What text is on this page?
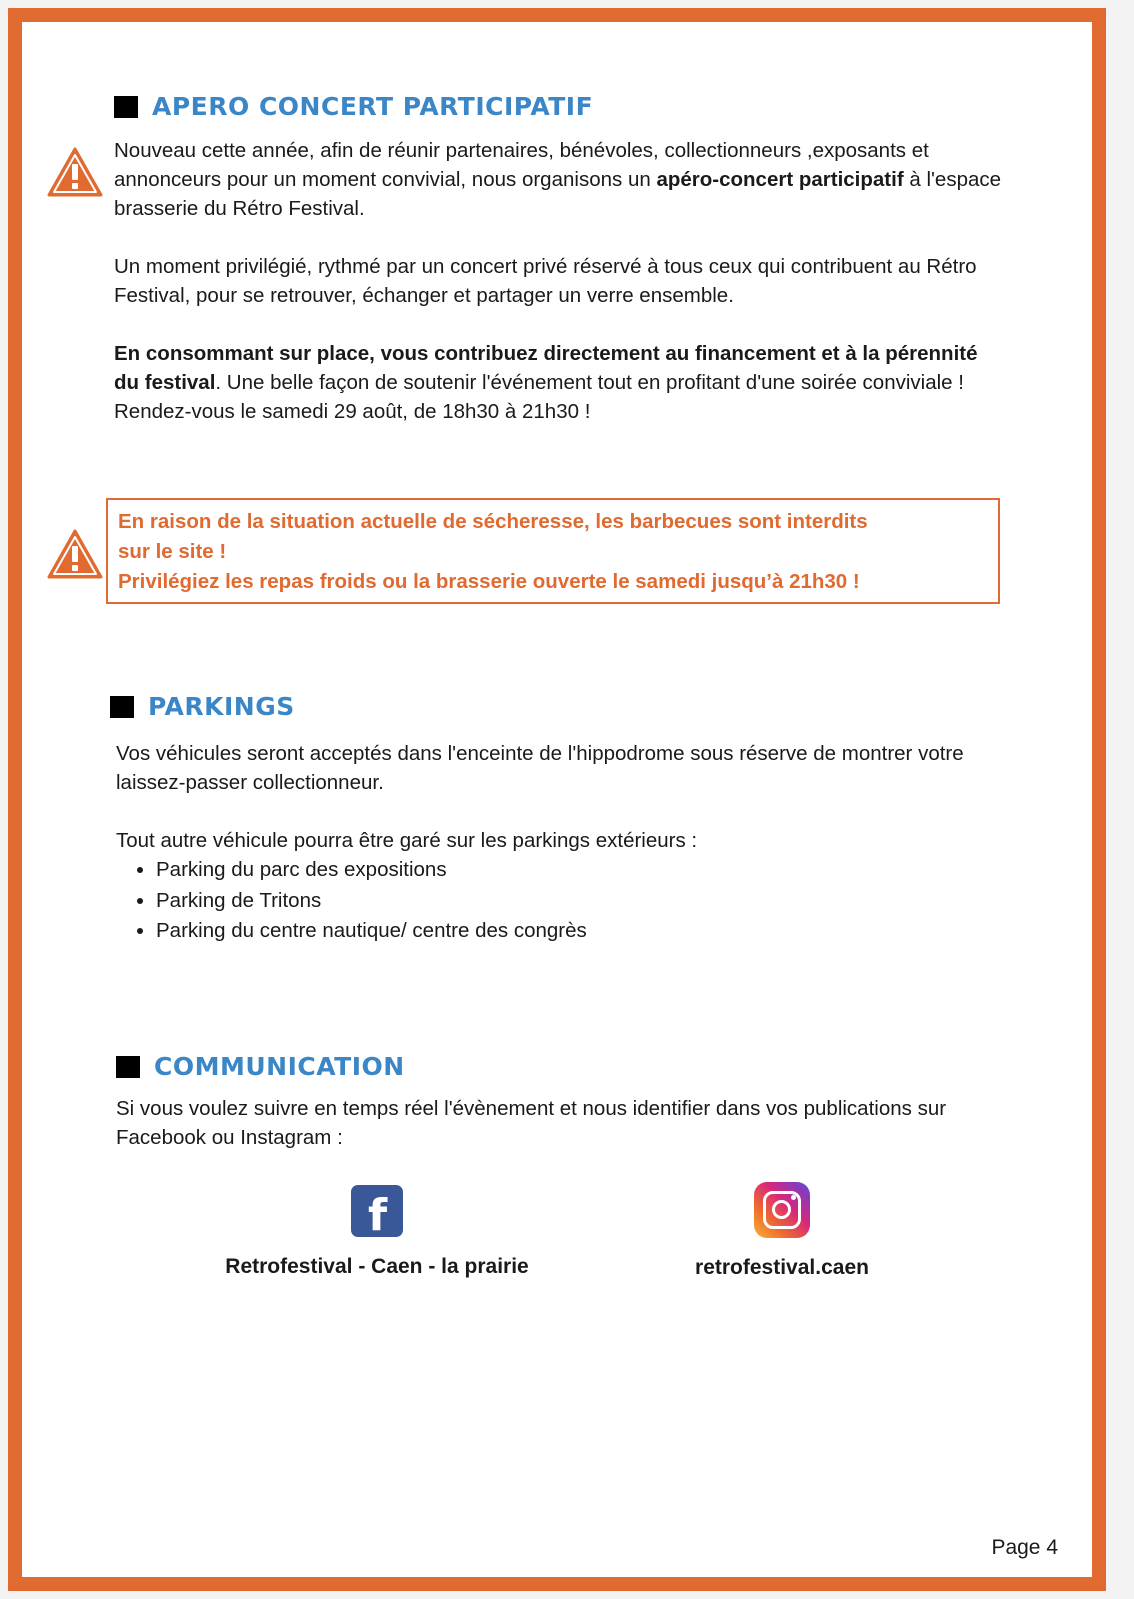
APERO CONCERT PARTICIPATIF

Nouveau cette année, afin de réunir partenaires, bénévoles, collectionneurs ,exposants et annonceurs pour un moment convivial, nous organisons un apéro-concert participatif à l'espace brasserie du Rétro Festival.

Un moment privilégié, rythmé par un concert privé réservé à tous ceux qui contribuent au Rétro Festival, pour se retrouver, échanger et partager un verre ensemble.

En consommant sur place, vous contribuez directement au financement et à la pérennité du festival. Une belle façon de soutenir l'événement tout en profitant d'une soirée conviviale !

Rendez-vous le samedi 29 août, de 18h30 à 21h30 !

En raison de la situation actuelle de sécheresse, les barbecues sont interdits
sur le site !
Privilégiez les repas froids ou la brasserie ouverte le samedi jusqu’à 21h30 !
PARKINGS

Vos véhicules seront acceptés dans l'enceinte de l'hippodrome sous réserve de montrer votre laissez-passer collectionneur.

Tout autre véhicule pourra être garé sur les parkings extérieurs :

• Parking du parc des expositions
• Parking de Tritons
• Parking du centre nautique/ centre des congrès
COMMUNICATION
Si vous voulez suivre en temps réel l'évènement et nous identifier dans vos publications sur Facebook ou Instagram :
f
Retrofestival - Caen - la prairie	retrofestival.caen
Page 4
